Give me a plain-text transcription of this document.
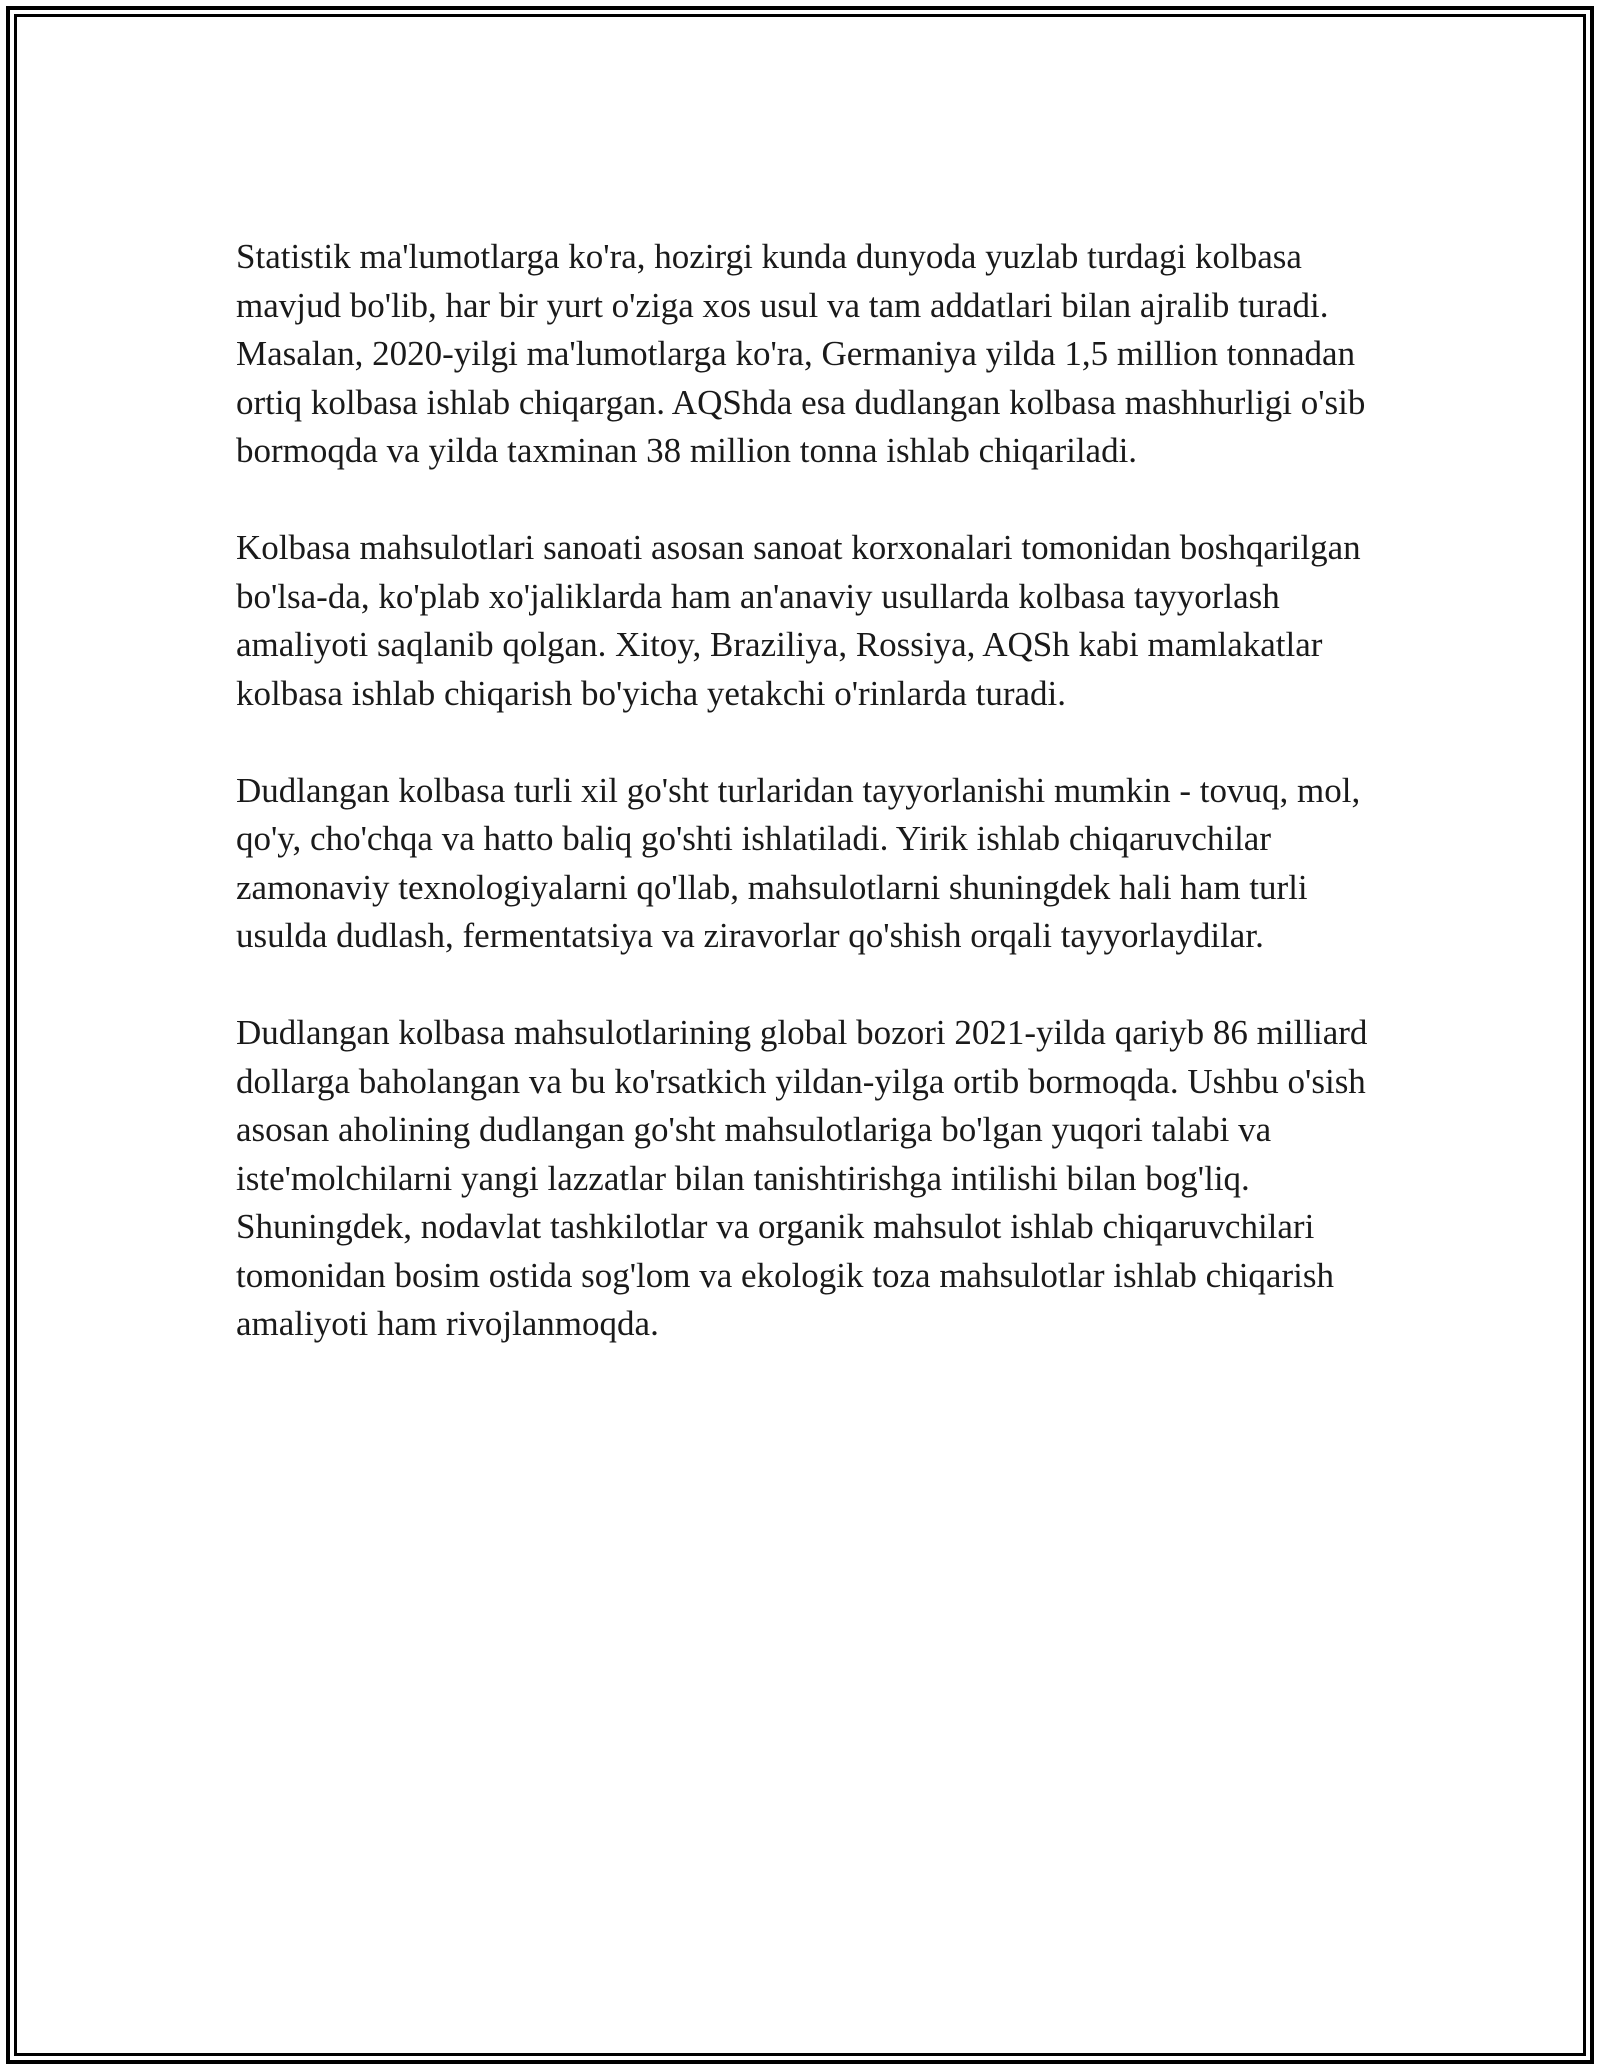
Statistik ma'lumotlarga ko'ra, hozirgi kunda dunyoda yuzlab turdagi kolbasa mavjud bo'lib, har bir yurt o'ziga xos usul va tam addatlari bilan ajralib turadi. Masalan, 2020-yilgi ma'lumotlarga ko'ra, Germaniya yilda 1,5 million tonnadan ortiq kolbasa ishlab chiqargan. AQShda esa dudlangan kolbasa mashhurligi o'sib bormoqda va yilda taxminan 38 million tonna ishlab chiqariladi.

Kolbasa mahsulotlari sanoati asosan sanoat korxonalari tomonidan boshqarilgan bo'lsa-da, ko'plab xo'jaliklarda ham an'anaviy usullarda kolbasa tayyorlash amaliyoti saqlanib qolgan. Xitoy, Braziliya, Rossiya, AQSh kabi mamlakatlar kolbasa ishlab chiqarish bo'yicha yetakchi o'rinlarda turadi.

Dudlangan kolbasa turli xil go'sht turlaridan tayyorlanishi mumkin - tovuq, mol, qo'y, cho'chqa va hatto baliq go'shti ishlatiladi. Yirik ishlab chiqaruvchilar zamonaviy texnologiyalarni qo'llab, mahsulotlarni shuningdek hali ham turli usulda dudlash, fermentatsiya va ziravorlar qo'shish orqali tayyorlaydilar.

Dudlangan kolbasa mahsulotlarining global bozori 2021-yilda qariyb 86 milliard dollarga baholangan va bu ko'rsatkich yildan-yilga ortib bormoqda. Ushbu o'sish asosan aholining dudlangan go'sht mahsulotlariga bo'lgan yuqori talabi va iste'molchilarni yangi lazzatlar bilan tanishtirishga intilishi bilan bog'liq. Shuningdek, nodavlat tashkilotlar va organik mahsulot ishlab chiqaruvchilari tomonidan bosim ostida sog'lom va ekologik toza mahsulotlar ishlab chiqarish amaliyoti ham rivojlanmoqda.
